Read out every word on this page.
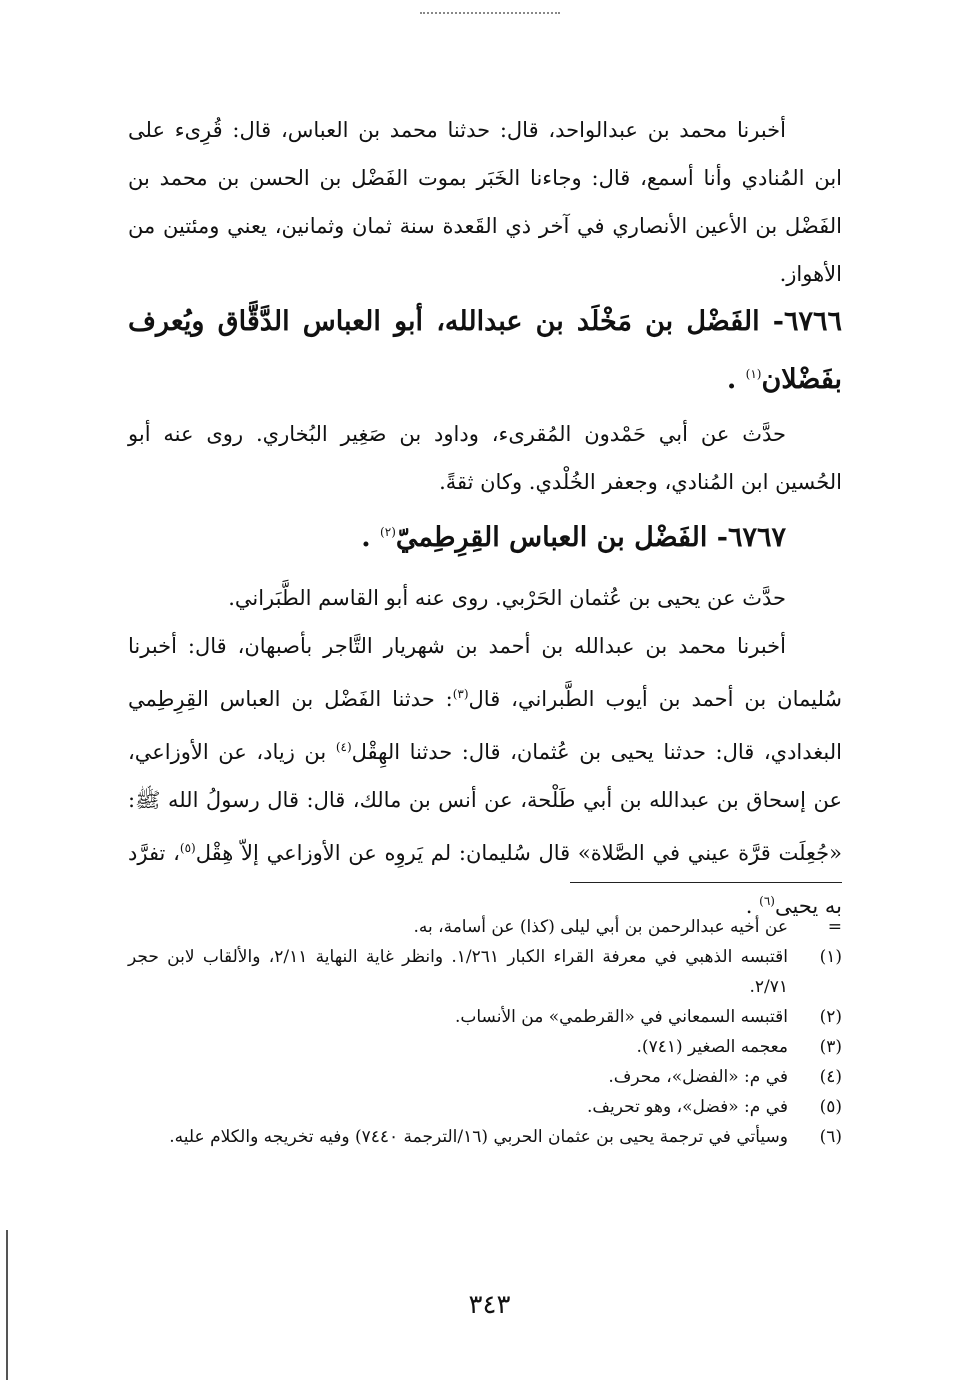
أخبرنا محمد بن عبدالواحد، قال: حدثنا محمد بن العباس، قال: قُرِىء على ابن المُنادي وأنا أسمع، قال: وجاءنا الخَبَر بموت الفَضْل بن الحسن بن محمد بن الفَضْل بن الأعين الأنصاري في آخر ذي القَعدة سنة ثمان وثمانين، يعني ومئتين من الأهواز.

٦٧٦٦- الفَضْل بن مَخْلَد بن عبدالله، أبو العباس الدَّقَّاق ويُعرف بفَضْلان$^{(١)}$ .

حدَّث عن أبي حَمْدون المُقرىء، وداود بن صَغِير البُخاري. روى عنه أبو الحُسين ابن المُنادي، وجعفر الخُلْدي. وكان ثقةً.

٦٧٦٧- الفَضْل بن العباس القِرِطِميّ$^{(٢)}$ .

حدَّث عن يحيى بن عُثمان الحَرْبي. روى عنه أبو القاسم الطَّبَراني.

أخبرنا محمد بن عبدالله بن أحمد بن شهريار التَّاجر بأصبهان، قال: أخبرنا سُليمان بن أحمد بن أيوب الطَّبراني، قال$^{(٣)}$: حدثنا الفَضْل بن العباس القِرِطِمي البغدادي، قال: حدثنا يحيى بن عُثمان، قال: حدثنا الهِقْل$^{(٤)}$ بن زياد، عن الأوزاعي، عن إسحاق بن عبدالله بن أبي طَلْحة، عن أنس بن مالك، قال: قال رسولُ الله ﷺ: «جُعِلَت قرَّة عيني في الصَّلاة» قال سُليمان: لم يَروِه عن الأوزاعي إلاّ هِقْل$^{(٥)}$، تفرَّد به يحيى$^{(٦)}$ .

=
عن أخيه عبدالرحمن بن أبي ليلى (كذا) عن أسامة، به.

(١)
اقتبسه الذهبي في معرفة القراء الكبار ١/٢٦١. وانظر غاية النهاية ٢/١١، والألقاب لابن حجر ٢/٧١.

(٢)
اقتبسه السمعاني في «القرطمي» من الأنساب.

(٣)
معجمه الصغير (٧٤١).

(٤)
في م: «الفضل»، محرف.

(٥)
في م: «فضل»، وهو تحريف.

(٦)
وسيأتي في ترجمة يحيى بن عثمان الحربي (١٦/الترجمة ٧٤٤٠) وفيه تخريجه والكلام عليه.

٣٤٣
